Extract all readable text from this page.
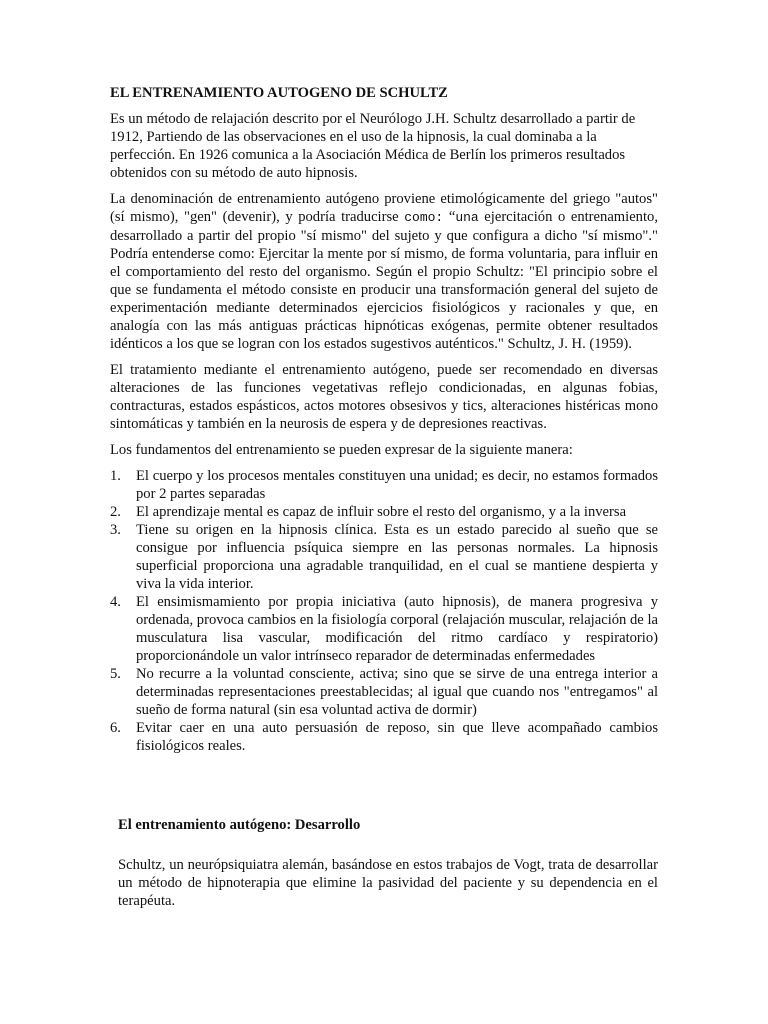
EL ENTRENAMIENTO AUTOGENO DE SCHULTZ

Es un método de relajación descrito por el Neurólogo J.H. Schultz desarrollado a partir de 1912, Partiendo de las observaciones en el uso de la hipnosis, la cual dominaba a la perfección. En 1926 comunica a la Asociación Médica de Berlín los primeros resultados obtenidos con su método de auto hipnosis.

La denominación de entrenamiento autógeno proviene etimológicamente del griego "autos" (sí mismo), "gen" (devenir), y podría traducirse como: “una ejercitación o entrenamiento, desarrollado a partir del propio "sí mismo" del sujeto y que configura a dicho "sí mismo"." Podría entenderse como: Ejercitar la mente por sí mismo, de forma voluntaria, para influir en el comportamiento del resto del organismo. Según el propio Schultz: "El principio sobre el que se fundamenta el método consiste en producir una transformación general del sujeto de experimentación mediante determinados ejercicios fisiológicos y racionales y que, en analogía con las más antiguas prácticas hipnóticas exógenas, permite obtener resultados idénticos a los que se logran con los estados sugestivos auténticos." Schultz, J. H. (1959).

El tratamiento mediante el entrenamiento autógeno, puede ser recomendado en diversas alteraciones de las funciones vegetativas reflejo condicionadas, en algunas fobias, contracturas, estados espásticos, actos motores obsesivos y tics, alteraciones histéricas mono sintomáticas y también en la neurosis de espera y de depresiones reactivas.

Los fundamentos del entrenamiento se pueden expresar de la siguiente manera:

1. El cuerpo y los procesos mentales constituyen una unidad; es decir, no estamos formados por 2 partes separadas
2. El aprendizaje mental es capaz de influir sobre el resto del organismo, y a la inversa
3. Tiene su origen en la hipnosis clínica. Esta es un estado parecido al sueño que se consigue por influencia psíquica siempre en las personas normales. La hipnosis superficial proporciona una agradable tranquilidad, en el cual se mantiene despierta y viva la vida interior.
4. El ensimismamiento por propia iniciativa (auto hipnosis), de manera progresiva y ordenada, provoca cambios en la fisiología corporal (relajación muscular, relajación de la musculatura lisa vascular, modificación del ritmo cardíaco y respiratorio) proporcionándole un valor intrínseco reparador de determinadas enfermedades
5. No recurre a la voluntad consciente, activa; sino que se sirve de una entrega interior a determinadas representaciones preestablecidas; al igual que cuando nos "entregamos" al sueño de forma natural (sin esa voluntad activa de dormir)
6. Evitar caer en una auto persuasión de reposo, sin que lleve acompañado cambios fisiológicos reales.
El entrenamiento autógeno: Desarrollo
Schultz, un neurópsiquiatra alemán, basándose en estos trabajos de Vogt, trata de desarrollar un método de hipnoterapia que elimine la pasividad del paciente y su dependencia en el terapéuta.
